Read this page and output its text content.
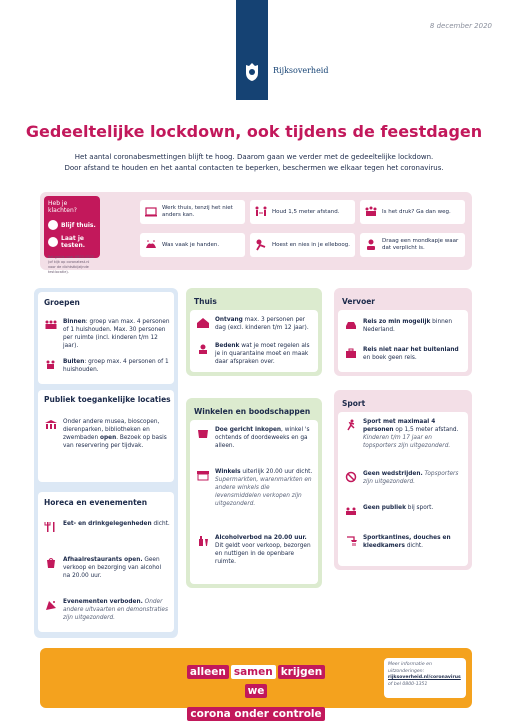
8 december 2020
Rijksoverheid
Gedeeltelijke lockdown, ook tijdens de feestdagen
Het aantal coronabesmettingen blijft te hoog. Daarom gaan we verder met de gedeeltelijke lockdown.
Door afstand te houden en het aantal contacten te beperken, beschermen we elkaar tegen het coronavirus.
Heb je klachten?
Blijf thuis.
Laat je testen.
Bel gratis naar 0800-1202 (of kijk op coronatest.nl voor de dichtstbijzijnde testlocatie).
Werk thuis, tenzij het niet anders kan.
Houd 1,5 meter afstand.	Is het druk? Ga dan weg.
Was vaak je handen.	Hoest en nies in je elleboog.
Draag een mondkapje waar dat verplicht is.
Groepen
Binnen: groep van max. 4 personen of 1 huishouden. Max. 30 personen per ruimte (incl. kinderen t/m 12 jaar).
Buiten: groep max. 4 personen of 1 huishouden.
Publiek toegankelijke locaties
Onder andere musea, bioscopen, dierenparken, bibliotheken en zwembaden open. Bezoek op basis van reservering per tijdvak.
Horeca en evenementen
Eet- en drinkgelegenheden dicht.
Afhaalrestaurants open. Geen verkoop en bezorging van alcohol na 20.00 uur.
Evenementen verboden. Onder andere uitvaarten en demonstraties zijn uitgezonderd.
Thuis
Ontvang max. 3 personen per dag (excl. kinderen t/m 12 jaar).
Bedenk wat je moet regelen als je in quarantaine moet en maak daar afspraken over.
Winkelen en boodschappen
Doe gericht inkopen, winkel 's ochtends of doordeweeks en ga alleen.
Winkels uiterlijk 20.00 uur dicht. Supermarkten, warenmarkten en andere winkels die levensmiddelen verkopen zijn uitgezonderd.
Alcoholverbod na 20.00 uur. Dit geldt voor verkoop, bezorgen en nuttigen in de openbare ruimte.
Vervoer
Reis zo min mogelijk binnen Nederland.
Reis niet naar het buitenland en boek geen reis.
Sport
Sport met maximaal 4 personen op 1,5 meter afstand. Kinderen t/m 17 jaar en topsporters zijn uitgezonderd.
Geen wedstrijden. Topsporters zijn uitgezonderd.
Geen publiek bij sport.
Sportkantines, douches en kleedkamers dicht.
alleen samen krijgenwe
corona onder controle
Meer informatie en uitzonderingen:
rijksoverheid.nl/coronavirus
of bel 0800-1351
